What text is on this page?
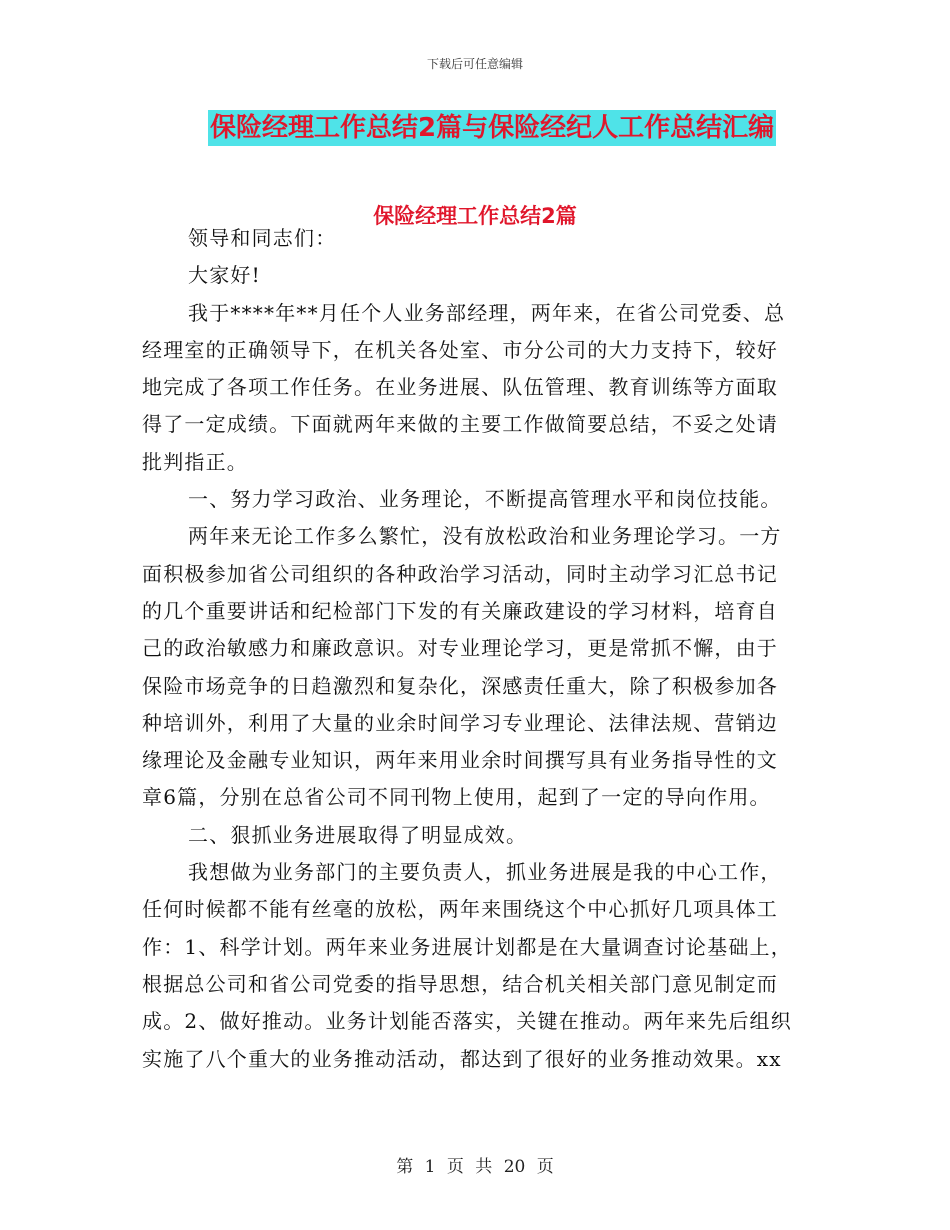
下载后可任意编辑
保险经理工作总结2篇与保险经纪人工作总结汇编
保险经理工作总结2篇
领导和同志们：
大家好!
我于****年**月任个人业务部经理，两年来，在省公司党委、总
经理室的正确领导下，在机关各处室、市分公司的大力支持下，较好
地完成了各项工作任务。在业务进展、队伍管理、教育训练等方面取
得了一定成绩。下面就两年来做的主要工作做简要总结，不妥之处请
批判指正。
一、努力学习政治、业务理论，不断提高管理水平和岗位技能。
两年来无论工作多么繁忙，没有放松政治和业务理论学习。一方
面积极参加省公司组织的各种政治学习活动，同时主动学习汇总书记
的几个重要讲话和纪检部门下发的有关廉政建设的学习材料，培育自
己的政治敏感力和廉政意识。对专业理论学习，更是常抓不懈，由于
保险市场竞争的日趋激烈和复杂化，深感责任重大，除了积极参加各
种培训外，利用了大量的业余时间学习专业理论、法律法规、营销边
缘理论及金融专业知识，两年来用业余时间撰写具有业务指导性的文
章6篇，分别在总省公司不同刊物上使用，起到了一定的导向作用。
二、狠抓业务进展取得了明显成效。
我想做为业务部门的主要负责人，抓业务进展是我的中心工作，
任何时候都不能有丝毫的放松，两年来围绕这个中心抓好几项具体工
作：1、科学计划。两年来业务进展计划都是在大量调查讨论基础上，
根据总公司和省公司党委的指导思想，结合机关相关部门意见制定而
成。2、做好推动。业务计划能否落实，关键在推动。两年来先后组织
实施了八个重大的业务推动活动，都达到了很好的业务推动效果。xx
第 1 页 共 20 页
